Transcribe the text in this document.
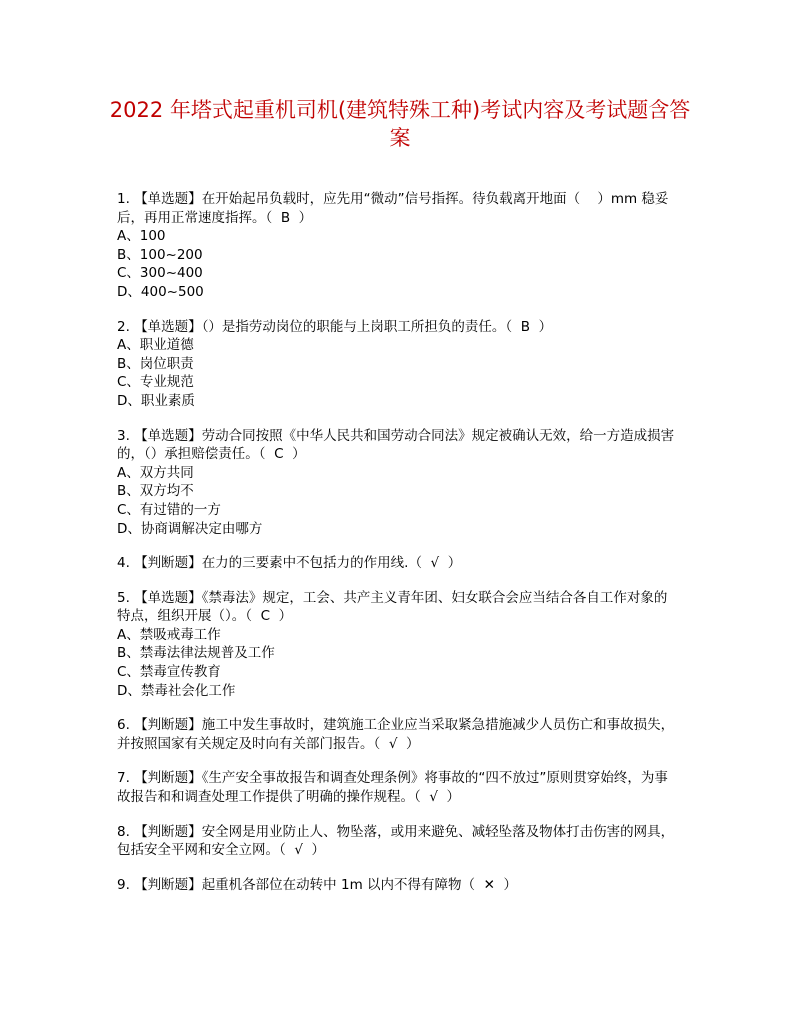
2022 年塔式起重机司机(建筑特殊工种)考试内容及考试题含答案
1. 【单选题】在开始起吊负载时，应先用“微动”信号指挥。待负载离开地面（    ）mm 稳妥后，再用正常速度指挥。（  B  ）
A、100
B、100~200
C、300~400
D、400~500
2. 【单选题】（）是指劳动岗位的职能与上岗职工所担负的责任。（  B  ）
A、职业道德
B、岗位职责
C、专业规范
D、职业素质
3. 【单选题】劳动合同按照《中华人民共和国劳动合同法》规定被确认无效，给一方造成损害的，（）承担赔偿责任。（  C  ）
A、双方共同
B、双方均不
C、有过错的一方
D、协商调解决定由哪方
4. 【判断题】在力的三要素中不包括力的作用线.（  √  ）
5. 【单选题】《禁毒法》规定，工会、共产主义青年团、妇女联合会应当结合各自工作对象的特点，组织开展（）。（  C  ）
A、禁吸戒毒工作
B、禁毒法律法规普及工作
C、禁毒宣传教育
D、禁毒社会化工作
6. 【判断题】施工中发生事故时，建筑施工企业应当采取紧急措施减少人员伤亡和事故损失，并按照国家有关规定及时向有关部门报告。（  √  ）
7. 【判断题】《生产安全事故报告和调查处理条例》将事故的“四不放过”原则贯穿始终，为事故报告和和调查处理工作提供了明确的操作规程。（  √  ）
8. 【判断题】安全网是用业防止人、物坠落，或用来避免、减轻坠落及物体打击伤害的网具，包括安全平网和安全立网。（  √  ）
9. 【判断题】起重机各部位在动转中 1m 以内不得有障物（  ✕  ）
